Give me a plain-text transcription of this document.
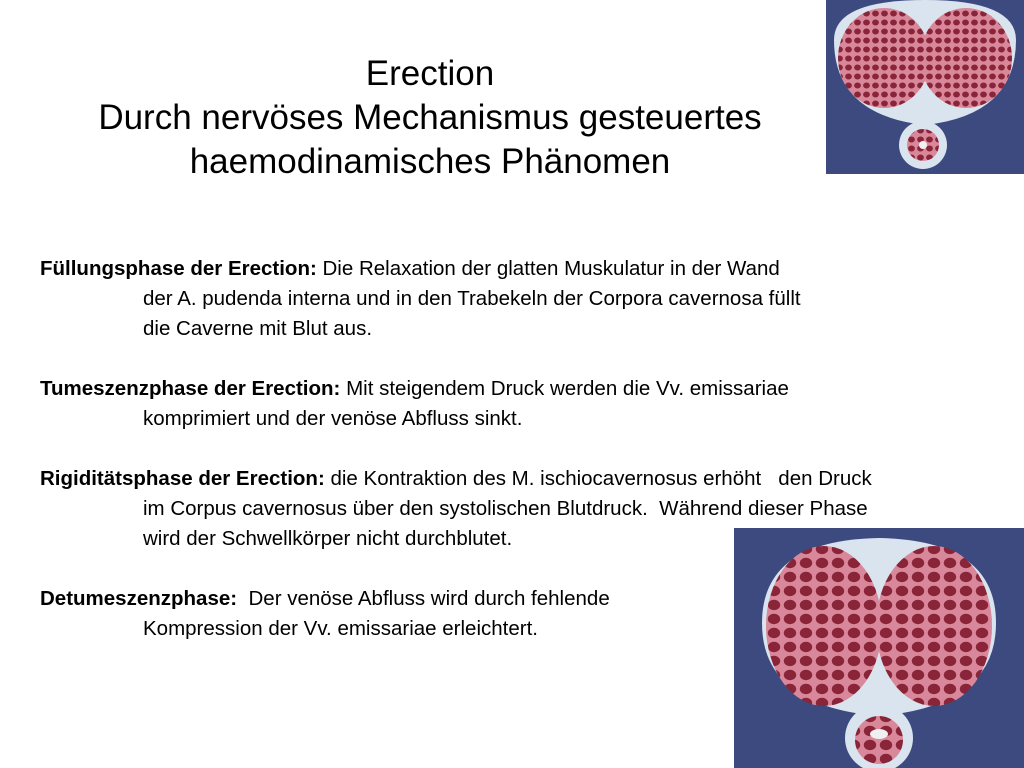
Erection
Durch nervöses Mechanismus gesteuertes
haemodinamisches Phänomen
Füllungsphase der Erection: Die Relaxation der glatten Muskulatur in der Wand
der A. pudenda interna und in den Trabekeln der Corpora cavernosa füllt
die Caverne mit Blut aus.
Tumeszenzphase der Erection: Mit steigendem Druck werden die Vv. emissariae
komprimiert und der venöse Abfluss sinkt.
Rigiditätsphase der Erection: die Kontraktion des M. ischiocavernosus erhöht   den Druck
im Corpus cavernosus über den systolischen Blutdruck.  Während dieser Phase
wird der Schwellkörper nicht durchblutet.
Detumeszenzphase:  Der venöse Abfluss wird durch fehlende
Kompression der Vv. emissariae erleichtert.
